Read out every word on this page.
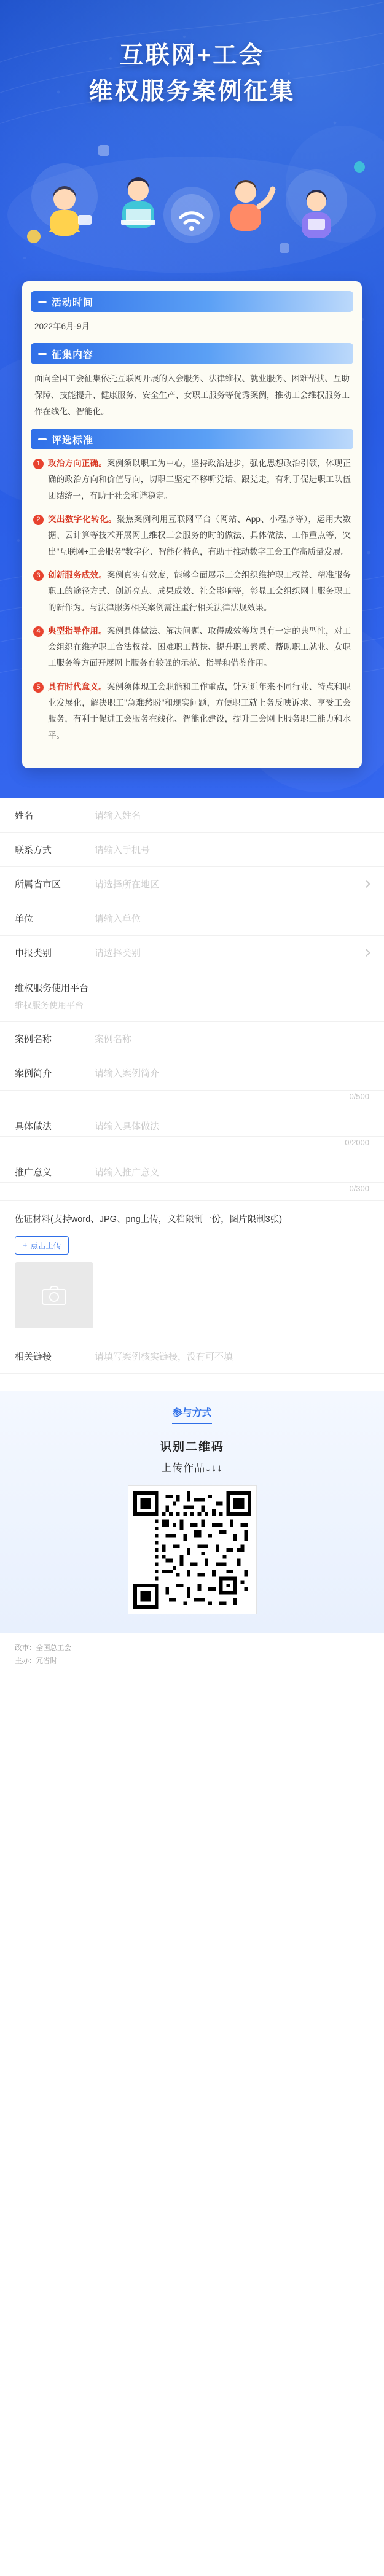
互联网+工会
维权服务案例征集
活动时间
2022年6月-9月
征集内容
面向全国工会征集依托互联网开展的入会服务、法律维权、就业服务、困难帮扶、互助保障、技能提升、健康服务、安全生产、女职工服务等优秀案例，推动工会维权服务工作在线化、智能化。
评选标准
1 政治方向正确。案例须以职工为中心，坚持政治进步，强化思想政治引领，体现正确的政治方向和价值导向，切职工坚定不移听党话、跟党走，有利于促进职工队伍团结统一，有助于社会和谐稳定。
2 突出数字化转化。聚焦案例利用互联网平台（网站、App、小程序等），运用大数据、云计算等技术开展网上维权工会服务的时的做法、具体做法、工作重点等，突出"互联网+工会服务"数字化、智能化特色，有助于推动数字工会工作高质量发展。
3 创新服务成效。案例真实有效度，能够全面展示工会组织维护职工权益、精准服务职工的途径方式、创新亮点、成果成效、社会影响等，彰显工会组织网上服务职工的新作为。与法律服务相关案例需注重行相关法律法规效果。
4 典型指导作用。案例具体做法、解决问题、取得成效等均具有一定的典型性，对工会组织在维护职工合法权益、困难职工帮扶、提升职工素质、帮助职工就业、女职工服务等方面开展网上服务有较强的示范、指导和借鉴作用。
5 具有时代意义。案例须体现工会职能和工作重点，针对近年来不同行业、特点和职业发展化，解决职工"急难愁盼"和现实问题，方便职工就上务反映诉求、享受工会服务，有利于促进工会服务在线化、智能化建设，提升工会网上服务职工能力和水平。
姓名	请输入姓名
联系方式	请输入手机号
所属省市区	请选择所在地区
单位	请输入单位
申报类别	请选择类别
维权服务使用平台
维权服务使用平台
案例名称	案例名称
案例简介	请输入案例简介
0/500
具体做法	请输入具体做法
0/2000
推广意义	请输入推广意义
0/300
佐证材料(支持word、JPG、png上传，文档限制一份，图片限制3张)
+ 点击上传
相关链接	请填写案例核实链接，没有可不填
参与方式
识别二维码
上传作品↓↓↓
政审：全国总工会
主办：冗省时
